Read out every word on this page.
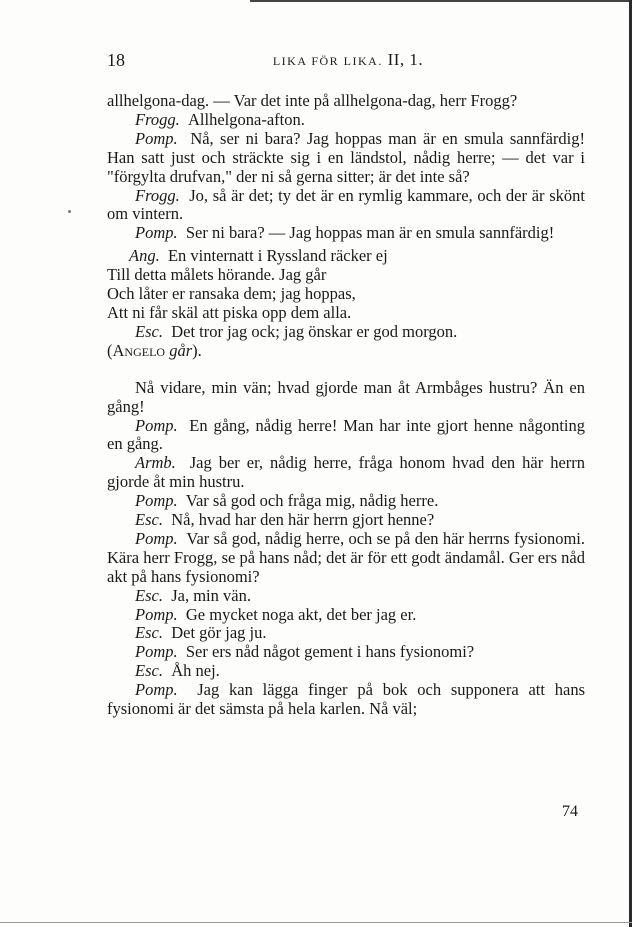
18	LIKA FÖR LIKA. II, 1.

allhelgona-dag. — Var det inte på allhelgona-dag, herr Frogg?

Frogg. Allhelgona-afton.

Pomp. Nå, ser ni bara? Jag hoppas man är en smula sannfärdig! Han satt just och sträckte sig i en ländstol, nådig herre; — det var i "förgylta drufvan," der ni så gerna sitter; är det inte så?

Frogg. Jo, så är det; ty det är en rymlig kammare, och der är skönt om vintern.

Pomp. Ser ni bara? — Jag hoppas man är en smula sannfärdig!

Ang. En vinternatt i Ryssland räcker ej

Till detta målets hörande. Jag går

Och låter er ransaka dem; jag hoppas,

Att ni får skäl att piska opp dem alla.

Esc. Det tror jag ock; jag önskar er god morgon.

(Angelo går).

Nå vidare, min vän; hvad gjorde man åt Armbåges hustru? Än en gång!

Pomp. En gång, nådig herre! Man har inte gjort henne någonting en gång.

Armb. Jag ber er, nådig herre, fråga honom hvad den här herrn gjorde åt min hustru.

Pomp. Var så god och fråga mig, nådig herre.

Esc. Nå, hvad har den här herrn gjort henne?

Pomp. Var så god, nådig herre, och se på den här herrns fysionomi. Kära herr Frogg, se på hans nåd; det är för ett godt ändamål. Ger ers nåd akt på hans fysionomi?

Esc. Ja, min vän.

Pomp. Ge mycket noga akt, det ber jag er.

Esc. Det gör jag ju.

Pomp. Ser ers nåd något gement i hans fysionomi?

Esc. Åh nej.

Pomp. Jag kan lägga finger på bok och supponera att hans fysionomi är det sämsta på hela karlen. Nå väl;

74
